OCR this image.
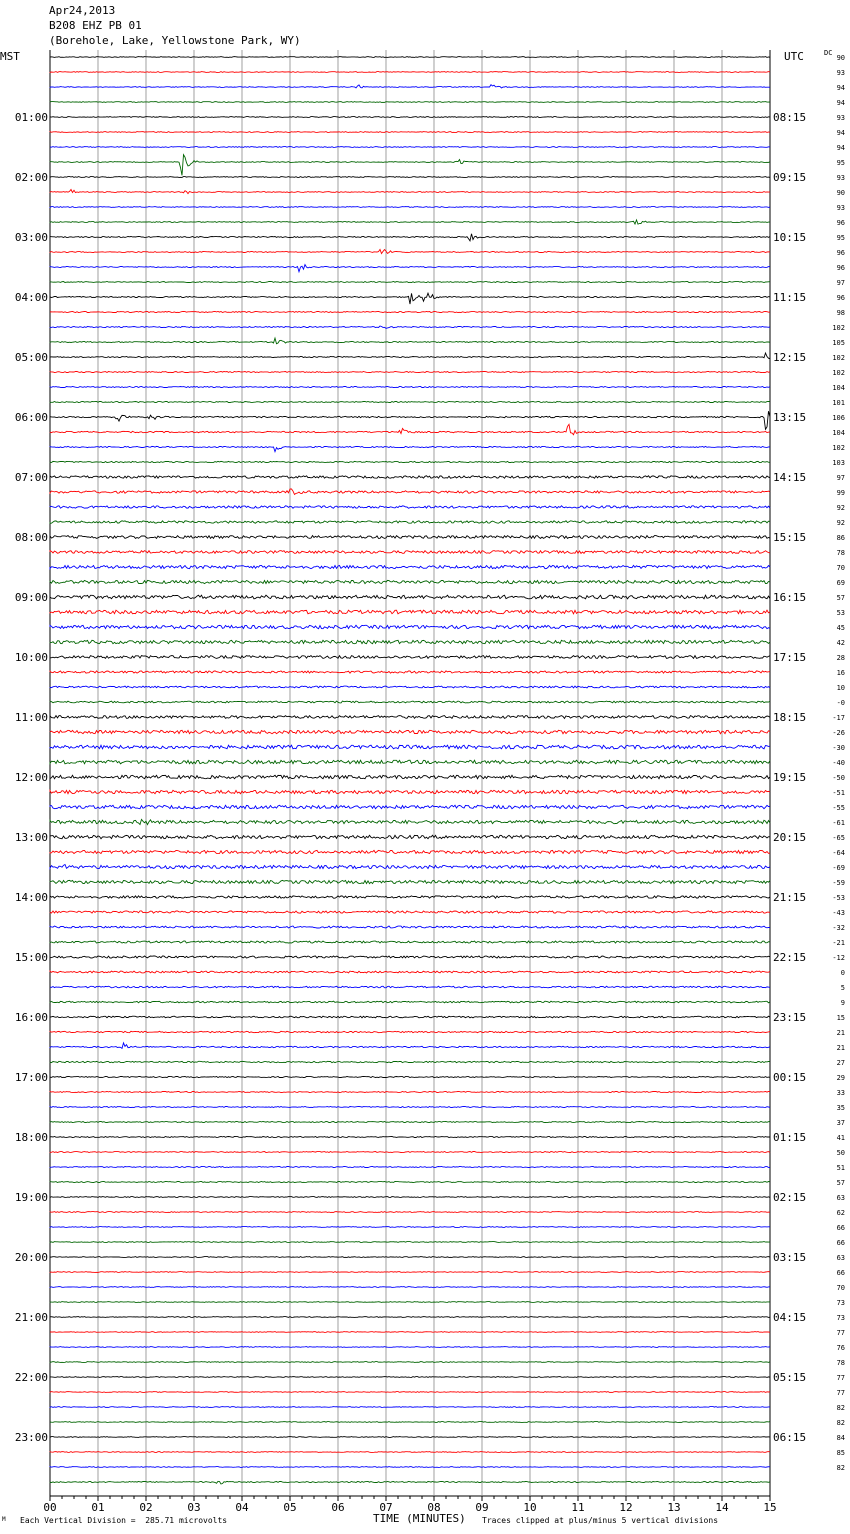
Apr24,2013
B208 EHZ PB 01
(Borehole, Lake, Yellowstone Park, WY)
MST	UTC	DC
00	01	02	03	04	05	06	07	08	09	10	11	12	13	14	15
90
93
94
94
93
94
94
95
93
90
93
96
95
96
96
97
96
98
102
105
102
102
104
101
106
104
102
103
97
99
92
92
86
78
70
69
57
53
45
42
28
16
10
-0
-17
-26
-30
-40
-50
-51
-55
-61
-65
-64
-69
-59
-53
-43
-32
-21
-12
0
5
9
15
21
21
27
29
33
35
37
41
50
51
57
63
62
66
66
63
66
70
73
73
77
76
78
77
77
82
82
84
85
82
01:00
02:00
03:00
04:00
05:00
06:00
07:00
08:00
09:00
10:00
11:00
12:00
13:00
14:00
15:00
16:00
17:00
18:00
19:00
20:00
21:00
22:00
23:00
08:15
09:15
10:15
11:15
12:15
13:15
14:15
15:15
16:15
17:15
18:15
19:15
20:15
21:15
22:15
23:15
00:15
01:15
02:15
03:15
04:15
05:15
06:15
M Each Vertical Division =  285.71 microvolts	TIME (MINUTES) Traces clipped at plus/minus 5 vertical divisions
